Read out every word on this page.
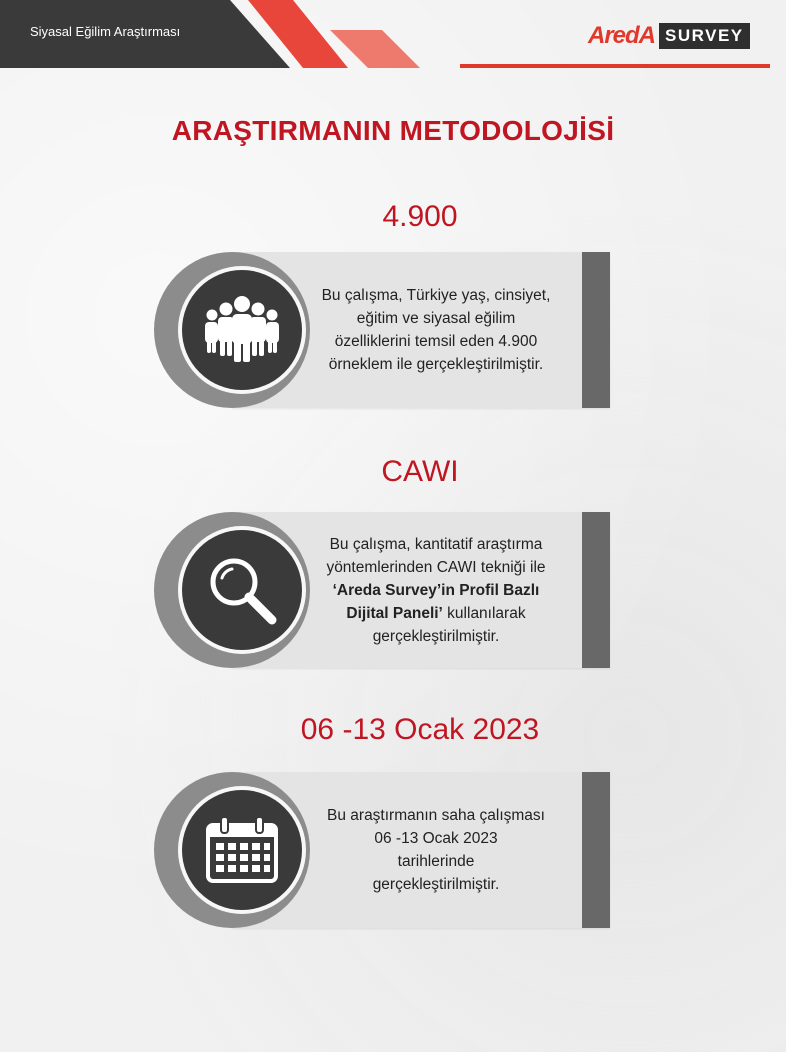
Siyasal Eğilim Araştırması	ArеdA SURVEY
ARAŞTIRMANIN METODOLOJİSİ
4.900
Bu çalışma, Türkiye yaş, cinsiyet,
eğitim ve siyasal eğilim
özelliklerini temsil eden 4.900
örneklem ile gerçekleştirilmiştir.
CAWI
Bu çalışma, kantitatif araştırma
yöntemlerinden CAWI tekniği ile
‘Areda Survey’in Profil Bazlı
Dijital Paneli’ kullanılarak
gerçekleştirilmiştir.
06 -13 Ocak 2023
Bu araştırmanın saha çalışması
06 -13 Ocak 2023
tarihlerinde
gerçekleştirilmiştir.
